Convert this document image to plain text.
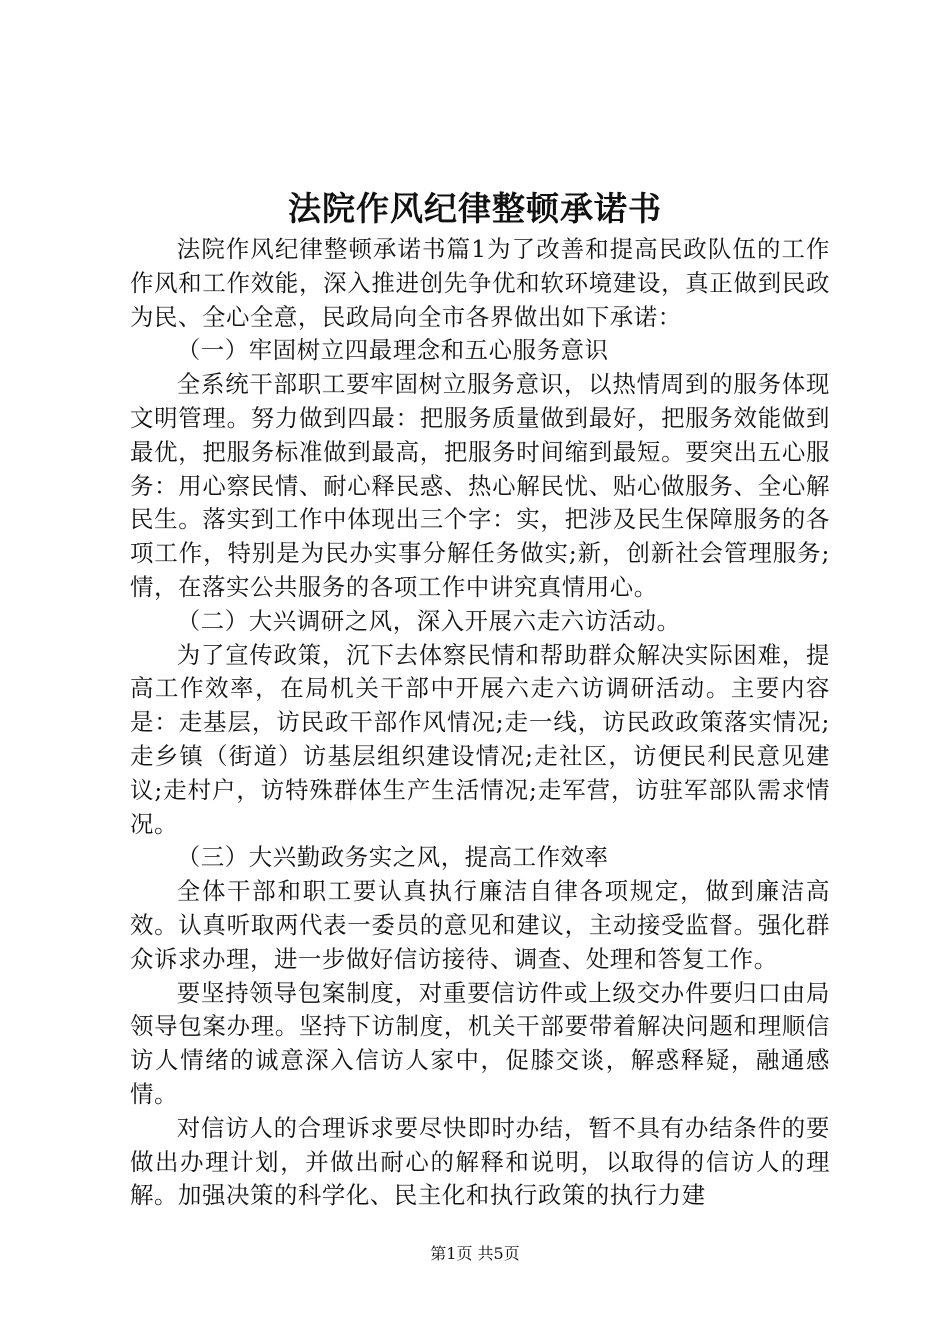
法院作风纪律整顿承诺书

法院作风纪律整顿承诺书篇1为了改善和提高民政队伍的工作作风和工作效能，深入推进创先争优和软环境建设，真正做到民政为民、全心全意，民政局向全市各界做出如下承诺：

（一）牢固树立四最理念和五心服务意识

全系统干部职工要牢固树立服务意识，以热情周到的服务体现文明管理。努力做到四最：把服务质量做到最好，把服务效能做到最优，把服务标准做到最高，把服务时间缩到最短。要突出五心服务：用心察民情、耐心释民惑、热心解民忧、贴心做服务、全心解民生。落实到工作中体现出三个字：实，把涉及民生保障服务的各项工作，特别是为民办实事分解任务做实;新，创新社会管理服务;情，在落实公共服务的各项工作中讲究真情用心。

（二）大兴调研之风，深入开展六走六访活动。

为了宣传政策，沉下去体察民情和帮助群众解决实际困难，提高工作效率，在局机关干部中开展六走六访调研活动。主要内容是：走基层，访民政干部作风情况;走一线，访民政政策落实情况;走乡镇（街道）访基层组织建设情况;走社区，访便民利民意见建议;走村户，访特殊群体生产生活情况;走军营，访驻军部队需求情况。

（三）大兴勤政务实之风，提高工作效率

全体干部和职工要认真执行廉洁自律各项规定，做到廉洁高效。认真听取两代表一委员的意见和建议，主动接受监督。强化群众诉求办理，进一步做好信访接待、调查、处理和答复工作。

要坚持领导包案制度，对重要信访件或上级交办件要归口由局领导包案办理。坚持下访制度，机关干部要带着解决问题和理顺信访人情绪的诚意深入信访人家中，促膝交谈，解惑释疑，融通感情。

对信访人的合理诉求要尽快即时办结，暂不具有办结条件的要做出办理计划，并做出耐心的解释和说明，以取得的信访人的理解。加强决策的科学化、民主化和执行政策的执行力建

第1页 共5页
